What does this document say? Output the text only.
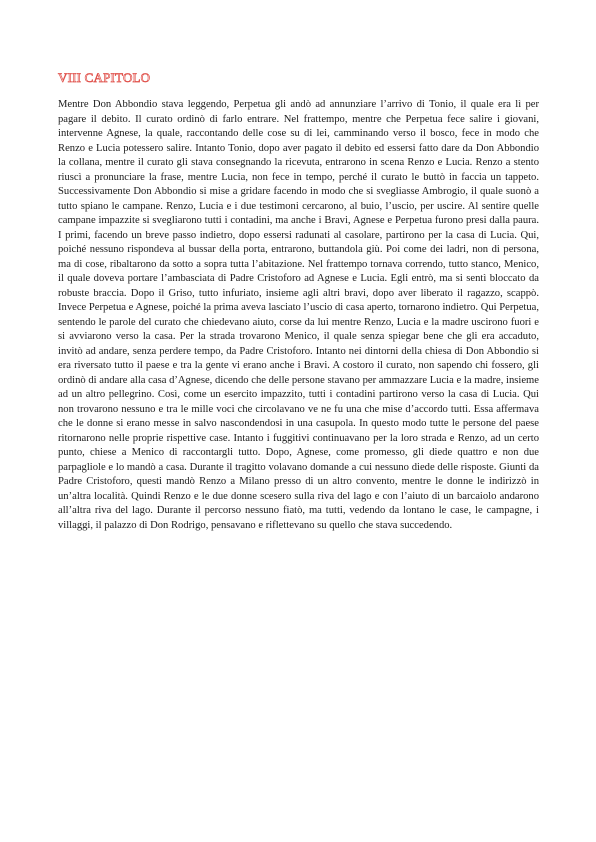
VIII CAPITOLO

Mentre Don Abbondio stava leggendo, Perpetua gli andò ad annunziare l’arrivo di Tonio, il quale era lì per pagare il debito. Il curato ordinò di farlo entrare. Nel frattempo, mentre che Perpetua fece salire i giovani, intervenne Agnese, la quale, raccontando delle cose su di lei, camminando verso il bosco, fece in modo che Renzo e Lucia potessero salire. Intanto Tonio, dopo aver pagato il debito ed essersi fatto dare da Don Abbondio la collana, mentre il curato gli stava consegnando la ricevuta, entrarono in scena Renzo e Lucia. Renzo a stento riuscì a pronunciare la frase, mentre Lucia, non fece in tempo, perché il curato le buttò in faccia un tappeto. Successivamente Don Abbondio si mise a gridare facendo in modo che si svegliasse Ambrogio, il quale suonò a tutto spiano le campane. Renzo, Lucia e i due testimoni cercarono, al buio, l’uscio, per uscire. Al sentire quelle campane impazzite si svegliarono tutti i contadini, ma anche i Bravi, Agnese e Perpetua furono presi dalla paura. I primi, facendo un breve passo indietro, dopo essersi radunati al casolare, partirono per la casa di Lucia. Qui, poiché nessuno rispondeva al bussar della porta, entrarono, buttandola giù. Poi come dei ladri, non di persona, ma di cose, ribaltarono da sotto a sopra tutta l’abitazione. Nel frattempo tornava correndo, tutto stanco, Menico, il quale doveva portare l’ambasciata di Padre Cristoforo ad Agnese e Lucia. Egli entrò, ma si sentì bloccato da robuste braccia. Dopo il Griso, tutto infuriato, insieme agli altri bravi, dopo aver liberato il ragazzo, scappò. Invece Perpetua e Agnese, poiché la prima aveva lasciato l’uscio di casa aperto, tornarono indietro. Qui Perpetua, sentendo le parole del curato che chiedevano aiuto, corse da lui mentre Renzo, Lucia e la madre uscirono fuori e si avviarono verso la casa. Per la strada trovarono Menico, il quale senza spiegar bene che gli era accaduto, invitò ad andare, senza perdere tempo, da Padre Cristoforo. Intanto nei dintorni della chiesa di Don Abbondio si era riversato tutto il paese e tra la gente vi erano anche i Bravi. A costoro il curato, non sapendo chi fossero, gli ordinò di andare alla casa d’Agnese, dicendo che delle persone stavano per ammazzare Lucia e la madre, insieme ad un altro pellegrino. Così, come un esercito impazzito, tutti i contadini partirono verso la casa di Lucia. Qui non trovarono nessuno e tra le mille voci che circolavano ve ne fu una che mise d’accordo tutti. Essa affermava che le donne si erano messe in salvo nascondendosi in una casupola. In questo modo tutte le persone del paese ritornarono nelle proprie rispettive case. Intanto i fuggitivi continuavano per la loro strada e Renzo, ad un certo punto, chiese a Menico di raccontargli tutto. Dopo, Agnese, come promesso, gli diede quattro e non due parpagliole e lo mandò a casa. Durante il tragitto volavano domande a cui nessuno diede delle risposte. Giunti da Padre Cristoforo, questi mandò Renzo a Milano presso di un altro convento, mentre le donne le indirizzò in un’altra località. Quindi Renzo e le due donne scesero sulla riva del lago e con l’aiuto di un barcaiolo andarono all’altra riva del lago. Durante il percorso nessuno fiatò, ma tutti, vedendo da lontano le case, le campagne, i villaggi, il palazzo di Don Rodrigo, pensavano e riflettevano su quello che stava succedendo.
